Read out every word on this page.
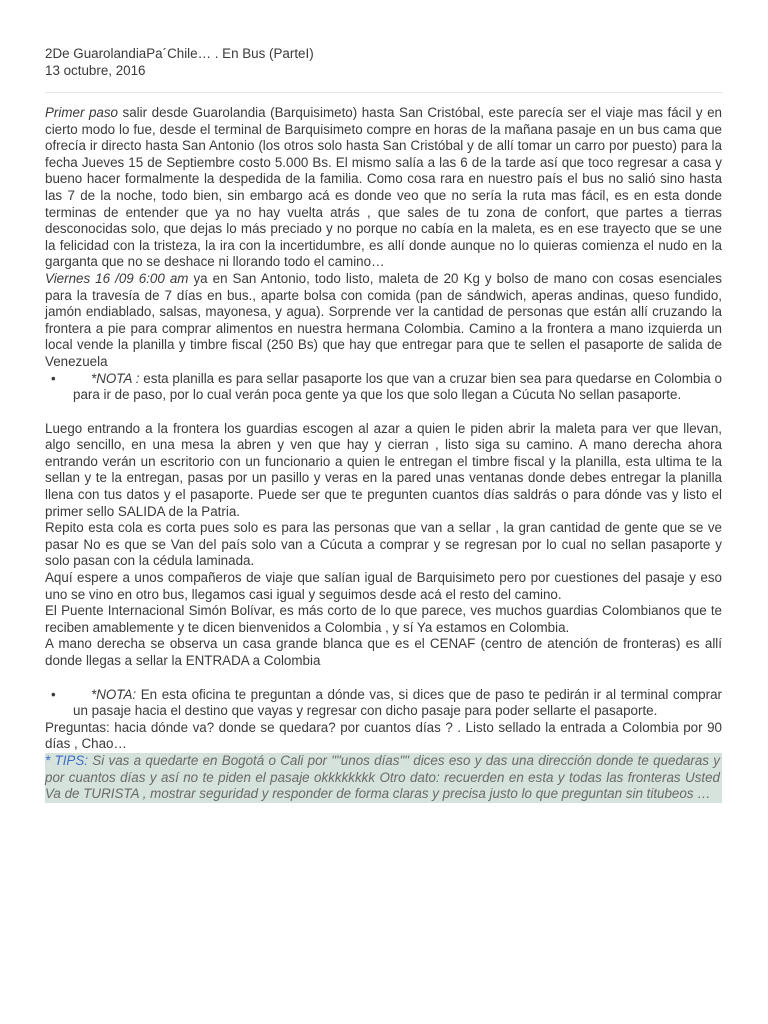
2De GuarolandiaPa´Chile… . En Bus (ParteI)
13 octubre, 2016

Primer paso salir desde Guarolandia (Barquisimeto) hasta San Cristóbal, este parecía ser el viaje mas fácil y en cierto modo lo fue, desde el terminal de Barquisimeto compre en horas de la mañana pasaje en un bus cama que ofrecía ir directo hasta San Antonio (los otros solo hasta San Cristóbal y de allí tomar un carro por puesto) para la fecha Jueves 15 de Septiembre costo 5.000 Bs. El mismo salía a las 6 de la tarde así que toco regresar a casa y bueno hacer formalmente la despedida de la familia. Como cosa rara en nuestro país el bus no salió sino hasta las 7 de la noche, todo bien, sin embargo acá es donde veo que no sería la ruta mas fácil, es en esta donde terminas de entender que ya no hay vuelta atrás , que sales de tu zona de confort, que partes a tierras desconocidas solo, que dejas lo más preciado y no porque no cabía en la maleta, es en ese trayecto que se une la felicidad con la tristeza, la ira con la incertidumbre, es allí donde aunque no lo quieras comienza el nudo en la garganta que no se deshace ni llorando todo el camino…

Viernes 16 /09 6:00 am ya en San Antonio, todo listo, maleta de 20 Kg y bolso de mano con cosas esenciales para la travesía de 7 días en bus., aparte bolsa con comida (pan de sándwich, aperas andinas, queso fundido, jamón endiablado, salsas, mayonesa, y agua). Sorprende ver la cantidad de personas que están allí cruzando la frontera a pie para comprar alimentos en nuestra hermana Colombia. Camino a la frontera a mano izquierda un local vende la planilla y timbre fiscal (250 Bs) que hay que entregar para que te sellen el pasaporte de salida de Venezuela

•	*NOTA : esta planilla es para sellar pasaporte los que van a cruzar bien sea para quedarse en Colombia o para ir de paso, por lo cual verán poca gente ya que los que solo llegan a Cúcuta No sellan pasaporte.

Luego entrando a la frontera los guardias escogen al azar a quien le piden abrir la maleta para ver que llevan, algo sencillo, en una mesa la abren y ven que hay y cierran , listo siga su camino. A mano derecha ahora entrando verán un escritorio con un funcionario a quien le entregan el timbre fiscal y la planilla, esta ultima te la sellan y te la entregan, pasas por un pasillo y veras en la pared unas ventanas donde debes entregar la planilla llena con tus datos y el pasaporte. Puede ser que te pregunten cuantos días saldrás o para dónde vas y listo el primer sello SALIDA de la Patria.

Repito esta cola es corta pues solo es para las personas que van a sellar , la gran cantidad de gente que se ve pasar No es que se Van del país solo van a Cúcuta a comprar y se regresan por lo cual no sellan pasaporte y solo pasan con la cédula laminada.

Aquí espere a unos compañeros de viaje que salían igual de Barquisimeto pero por cuestiones del pasaje y eso uno se vino en otro bus, llegamos casi igual y seguimos desde acá el resto del camino.

El Puente Internacional Simón Bolívar, es más corto de lo que parece, ves muchos guardias Colombianos que te reciben amablemente y te dicen bienvenidos a Colombia , y sí Ya estamos en Colombia.

A mano derecha se observa un casa grande blanca que es el CENAF (centro de atención de fronteras) es allí donde llegas a sellar la ENTRADA a Colombia

•	*NOTA: En esta oficina te preguntan a dónde vas, si dices que de paso te pedirán ir al terminal comprar un pasaje hacia el destino que vayas y regresar con dicho pasaje para poder sellarte el pasaporte.

Preguntas: hacia dónde va? donde se quedara? por cuantos días ? . Listo sellado la entrada a Colombia por 90 días , Chao…

* TIPS: Si vas a quedarte en Bogotá o Cali por ""unos días"" dices eso y das una dirección donde te quedaras y por cuantos días y así no te piden el pasaje okkkkkkkk Otro dato: recuerden en esta y todas las fronteras Usted Va de TURISTA , mostrar seguridad y responder de forma claras y precisa justo lo que preguntan sin titubeos …
